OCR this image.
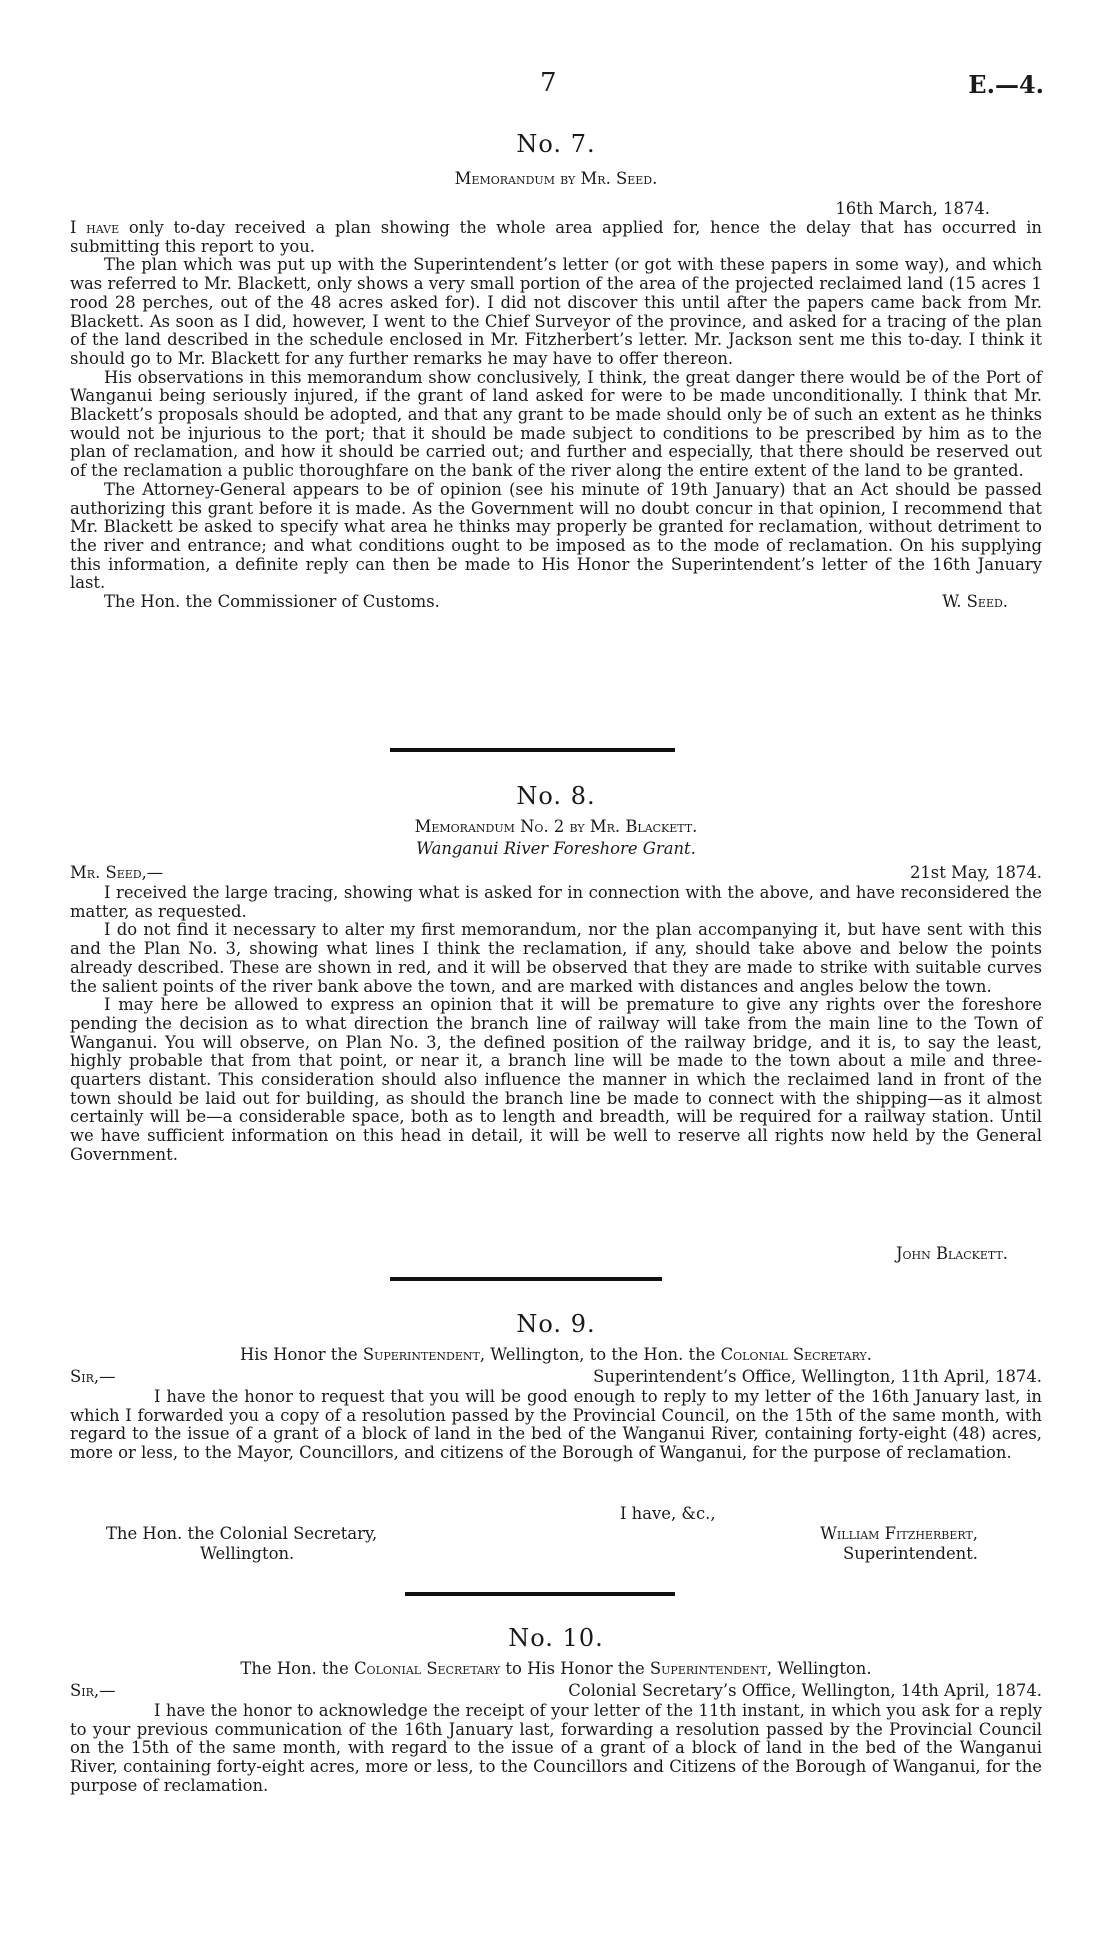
7	E.—4.
No. 7.
Memorandum by Mr. Seed.
16th March, 1874.

I have only to-day received a plan showing the whole area applied for, hence the delay that has occurred in submitting this report to you.

The plan which was put up with the Superintendent’s letter (or got with these papers in some way), and which was referred to Mr. Blackett, only shows a very small portion of the area of the projected reclaimed land (15 acres 1 rood 28 perches, out of the 48 acres asked for). I did not discover this until after the papers came back from Mr. Blackett. As soon as I did, however, I went to the Chief Surveyor of the province, and asked for a tracing of the plan of the land described in the schedule enclosed in Mr. Fitzherbert’s letter. Mr. Jackson sent me this to-day. I think it should go to Mr. Blackett for any further remarks he may have to offer thereon.

His observations in this memorandum show conclusively, I think, the great danger there would be of the Port of Wanganui being seriously injured, if the grant of land asked for were to be made unconditionally. I think that Mr. Blackett’s proposals should be adopted, and that any grant to be made should only be of such an extent as he thinks would not be injurious to the port; that it should be made subject to conditions to be prescribed by him as to the plan of reclamation, and how it should be carried out; and further and especially, that there should be reserved out of the reclamation a public thoroughfare on the bank of the river along the entire extent of the land to be granted.

The Attorney-General appears to be of opinion (see his minute of 19th January) that an Act should be passed authorizing this grant before it is made. As the Government will no doubt concur in that opinion, I recommend that Mr. Blackett be asked to specify what area he thinks may properly be granted for reclamation, without detriment to the river and entrance; and what conditions ought to be imposed as to the mode of reclamation. On his supplying this information, a definite reply can then be made to His Honor the Superintendent’s letter of the 16th January last.

The Hon. the Commissioner of Customs.	W. Seed.
No. 8.
Memorandum No. 2 by Mr. Blackett.
Wanganui River Foreshore Grant.
Mr. Seed,—	21st May, 1874.

I received the large tracing, showing what is asked for in connection with the above, and have reconsidered the matter, as requested.

I do not find it necessary to alter my first memorandum, nor the plan accompanying it, but have sent with this and the Plan No. 3, showing what lines I think the reclamation, if any, should take above and below the points already described. These are shown in red, and it will be observed that they are made to strike with suitable curves the salient points of the river bank above the town, and are marked with distances and angles below the town.

I may here be allowed to express an opinion that it will be premature to give any rights over the foreshore pending the decision as to what direction the branch line of railway will take from the main line to the Town of Wanganui. You will observe, on Plan No. 3, the defined position of the railway bridge, and it is, to say the least, highly probable that from that point, or near it, a branch line will be made to the town about a mile and three-quarters distant. This consideration should also influence the manner in which the reclaimed land in front of the town should be laid out for building, as should the branch line be made to connect with the shipping—as it almost certainly will be—a considerable space, both as to length and breadth, will be required for a railway station. Until we have sufficient information on this head in detail, it will be well to reserve all rights now held by the General Government.

John Blackett.
No. 9.
His Honor the Superintendent, Wellington, to the Hon. the Colonial Secretary.
Sir,—	Superintendent’s Office, Wellington, 11th April, 1874.

I have the honor to request that you will be good enough to reply to my letter of the 16th January last, in which I forwarded you a copy of a resolution passed by the Provincial Council, on the 15th of the same month, with regard to the issue of a grant of a block of land in the bed of the Wanganui River, containing forty-eight (48) acres, more or less, to the Mayor, Councillors, and citizens of the Borough of Wanganui, for the purpose of reclamation.

I have, &c.,
The Hon. the Colonial Secretary,	William Fitzherbert,
Wellington.	Superintendent.
No. 10.
The Hon. the Colonial Secretary to His Honor the Superintendent, Wellington.
Sir,—	Colonial Secretary’s Office, Wellington, 14th April, 1874.

I have the honor to acknowledge the receipt of your letter of the 11th instant, in which you ask for a reply to your previous communication of the 16th January last, forwarding a resolution passed by the Provincial Council on the 15th of the same month, with regard to the issue of a grant of a block of land in the bed of the Wanganui River, containing forty-eight acres, more or less, to the Councillors and Citizens of the Borough of Wanganui, for the purpose of reclamation.
